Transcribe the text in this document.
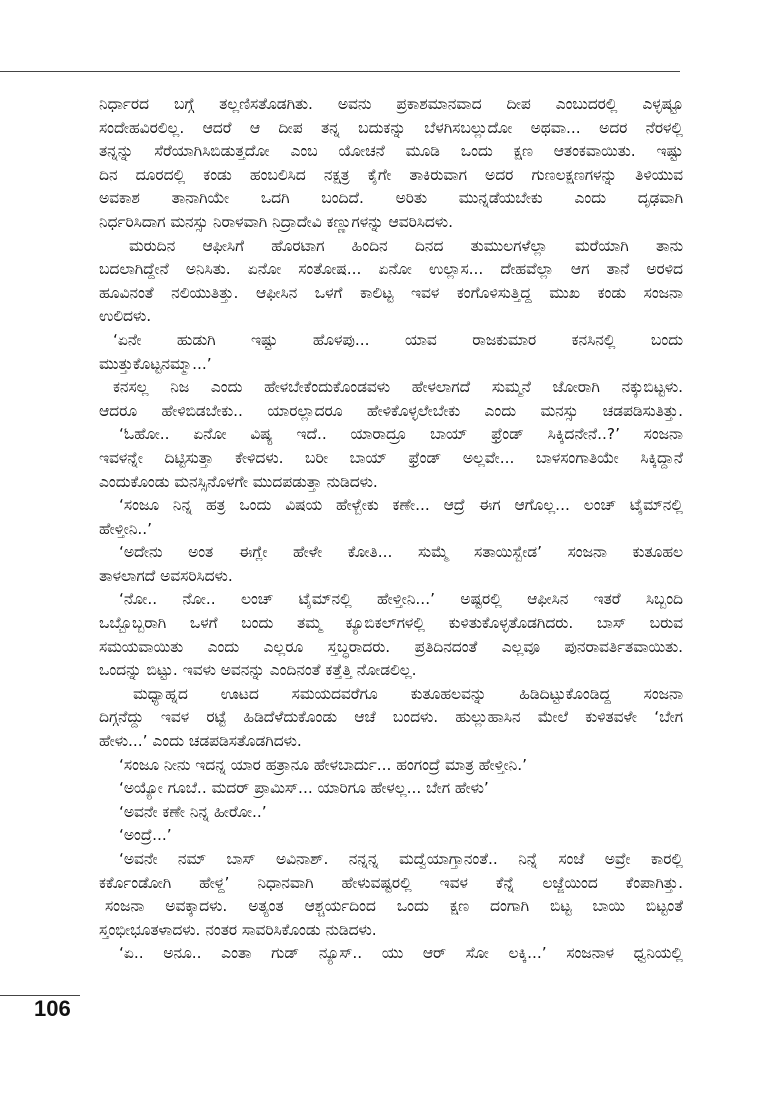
ನಿರ್ಧಾರದ ಬಗ್ಗೆ ತಲ್ಲಣಿಸತೊಡಗಿತು. ಅವನು ಪ್ರಕಾಶಮಾನವಾದ ದೀಪ ಎಂಬುದರಲ್ಲಿ ಎಳ್ಳಷ್ಟೂ
ಸಂದೇಹವಿರಲಿಲ್ಲ. ಆದರೆ ಆ ದೀಪ ತನ್ನ ಬದುಕನ್ನು ಬೆಳಗಿಸಬಲ್ಲುದೋ ಅಥವಾ... ಅದರ ನೆರಳಲ್ಲಿ
ತನ್ನನ್ನು ಸೆರೆಯಾಗಿಸಿಬಿಡುತ್ತದೋ ಎಂಬ ಯೋಚನೆ ಮೂಡಿ ಒಂದು ಕ್ಷಣ ಆತಂಕವಾಯಿತು. ಇಷ್ಟು
ದಿನ ದೂರದಲ್ಲಿ ಕಂಡು ಹಂಬಲಿಸಿದ ನಕ್ಷತ್ರ ಕೈಗೇ ತಾಕಿರುವಾಗ ಅದರ ಗುಣಲಕ್ಷಣಗಳನ್ನು ತಿಳಿಯುವ
ಅವಕಾಶ ತಾನಾಗಿಯೇ ಒದಗಿ ಬಂದಿದೆ. ಅರಿತು ಮುನ್ನಡೆಯಬೇಕು ಎಂದು ದೃಢವಾಗಿ
ನಿರ್ಧರಿಸಿದಾಗ ಮನಸ್ಸು ನಿರಾಳವಾಗಿ ನಿದ್ರಾದೇವಿ ಕಣ್ಣುಗಳನ್ನು ಆವರಿಸಿದಳು.
ಮರುದಿನ ಆಫೀಸಿಗೆ ಹೊರಟಾಗ ಹಿಂದಿನ ದಿನದ ತುಮುಲಗಳೆಲ್ಲಾ ಮರೆಯಾಗಿ ತಾನು
ಬದಲಾಗಿದ್ದೇನೆ ಅನಿಸಿತು. ಏನೋ ಸಂತೋಷ... ಏನೋ ಉಲ್ಲಾಸ... ದೇಹವೆಲ್ಲಾ ಆಗ ತಾನೆ ಅರಳಿದ
ಹೂವಿನಂತೆ ನಲಿಯುತಿತ್ತು. ಆಫೀಸಿನ ಒಳಗೆ ಕಾಲಿಟ್ಟ ಇವಳ ಕಂಗೊಳಿಸುತ್ತಿದ್ದ ಮುಖ ಕಂಡು ಸಂಜನಾ
ಉಲಿದಳು.
‘ಏನೇ ಹುಡುಗಿ ಇಷ್ಟು ಹೊಳಪು... ಯಾವ ರಾಜಕುಮಾರ ಕನಸಿನಲ್ಲಿ ಬಂದು
ಮುತ್ತುಕೊಟ್ಟನಮ್ಮಾ...’
ಕನಸಲ್ಲ ನಿಜ ಎಂದು ಹೇಳಬೇಕೆಂದುಕೊಂಡವಳು ಹೇಳಲಾಗದೆ ಸುಮ್ಮನೆ ಜೋರಾಗಿ ನಕ್ಕುಬಿಟ್ಟಳು.
ಆದರೂ ಹೇಳಿಬಿಡಬೇಕು.. ಯಾರಲ್ಲಾದರೂ ಹೇಳಿಕೊಳ್ಳಲೇಬೇಕು ಎಂದು ಮನಸ್ಸು ಚಡಪಡಿಸುತಿತ್ತು.
‘ಓಹೋ.. ಏನೋ ವಿಷ್ಯ ಇದೆ.. ಯಾರಾದ್ರೂ ಬಾಯ್ ಫ್ರೆಂಡ್ ಸಿಕ್ಕಿದನೇನೆ..?’ ಸಂಜನಾ
ಇವಳನ್ನೇ ದಿಟ್ಟಿಸುತ್ತಾ ಕೇಳಿದಳು. ಬರೀ ಬಾಯ್ ಫ್ರೆಂಡ್ ಅಲ್ಲವೇ... ಬಾಳಸಂಗಾತಿಯೇ ಸಿಕ್ಕಿದ್ದಾನೆ
ಎಂದುಕೊಂಡು ಮನಸ್ಸಿನೊಳಗೇ ಮುದಪಡುತ್ತಾ ನುಡಿದಳು.
‘ಸಂಜೂ ನಿನ್ನ ಹತ್ರ ಒಂದು ವಿಷಯ ಹೇಳ್ಬೇಕು ಕಣೇ... ಆದ್ರೆ ಈಗ ಆಗೊಲ್ಲ... ಲಂಚ್ ಟೈಮ್‌ನಲ್ಲಿ
ಹೇಳ್ತೀನಿ..’
‘ಅದೇನು ಅಂತ ಈಗ್ಲೇ ಹೇಳೇ ಕೋತಿ... ಸುಮ್ಮೆ ಸತಾಯಿಸ್ಬೇಡ’ ಸಂಜನಾ ಕುತೂಹಲ
ತಾಳಲಾಗದೆ ಅವಸರಿಸಿದಳು.
‘ನೋ.. ನೋ.. ಲಂಚ್ ಟೈಮ್‌ನಲ್ಲಿ ಹೇಳ್ತೀನಿ...’ ಅಷ್ಟರಲ್ಲಿ ಆಫೀಸಿನ ಇತರೆ ಸಿಬ್ಬಂದಿ
ಒಬ್ಬೊಬ್ಬರಾಗಿ ಒಳಗೆ ಬಂದು ತಮ್ಮ ಕ್ಯೂಬಿಕಲ್‌ಗಳಲ್ಲಿ ಕುಳಿತುಕೊಳ್ಳತೊಡಗಿದರು. ಬಾಸ್ ಬರುವ
ಸಮಯವಾಯಿತು ಎಂದು ಎಲ್ಲರೂ ಸ್ತಬ್ಧರಾದರು. ಪ್ರತಿದಿನದಂತೆ ಎಲ್ಲವೂ ಪುನರಾವರ್ತಿತವಾಯಿತು.
ಒಂದನ್ನು ಬಿಟ್ಟು. ಇವಳು ಅವನನ್ನು ಎಂದಿನಂತೆ ಕತ್ತೆತ್ತಿ ನೋಡಲಿಲ್ಲ.
ಮಧ್ಯಾಹ್ನದ ಊಟದ ಸಮಯದವರೆಗೂ ಕುತೂಹಲವನ್ನು ಹಿಡಿದಿಟ್ಟುಕೊಂಡಿದ್ದ ಸಂಜನಾ
ದಿಗ್ಗನೆದ್ದು ಇವಳ ರಟ್ಟೆ ಹಿಡಿದೆಳೆದುಕೊಂಡು ಆಚೆ ಬಂದಳು. ಹುಲ್ಲುಹಾಸಿನ ಮೇಲೆ ಕುಳಿತವಳೇ ‘ಬೇಗ
ಹೇಳು...’ ಎಂದು ಚಡಪಡಿಸತೊಡಗಿದಳು.
‘ಸಂಜೂ ನೀನು ಇದನ್ನ ಯಾರ ಹತ್ರಾನೂ ಹೇಳಬಾರ್ದು... ಹಂಗಂದ್ರೆ ಮಾತ್ರ ಹೇಳ್ತೀನಿ.’
‘ಅಯ್ಯೋ ಗೂಬೆ.. ಮದರ್ ಪ್ರಾಮಿಸ್... ಯಾರಿಗೂ ಹೇಳಲ್ಲ... ಬೇಗ ಹೇಳು’
‘ಅವನೇ ಕಣೇ ನಿನ್ನ ಹೀರೋ..’
‘ಅಂದ್ರೆ...’
‘ಅವನೇ ನಮ್ ಬಾಸ್ ಅವಿನಾಶ್. ನನ್ನನ್ನ ಮದ್ವೆಯಾಗ್ತಾನಂತೆ.. ನಿನ್ನೆ ಸಂಜೆ ಅವ್ರೇ ಕಾರಲ್ಲಿ
ಕರ್ಕೊಂಡೋಗಿ ಹೇಳ್ದ’ ನಿಧಾನವಾಗಿ ಹೇಳುವಷ್ಟರಲ್ಲಿ ಇವಳ ಕೆನ್ನೆ ಲಜ್ಜೆಯಿಂದ ಕೆಂಪಾಗಿತ್ತು.
ಸಂಜನಾ ಅವಕ್ಕಾದಳು. ಅತ್ಯಂತ ಆಶ್ಚರ್ಯದಿಂದ ಒಂದು ಕ್ಷಣ ದಂಗಾಗಿ ಬಿಟ್ಟ ಬಾಯಿ ಬಿಟ್ಟಂತೆ
ಸ್ತಂಭೀಭೂತಳಾದಳು. ನಂತರ ಸಾವರಿಸಿಕೊಂಡು ನುಡಿದಳು.
‘ಏ.. ಅನೂ.. ಎಂತಾ ಗುಡ್ ನ್ಯೂಸ್.. ಯು ಆರ್ ಸೋ ಲಕ್ಕಿ...’ ಸಂಜನಾಳ ಧ್ವನಿಯಲ್ಲಿ
106
